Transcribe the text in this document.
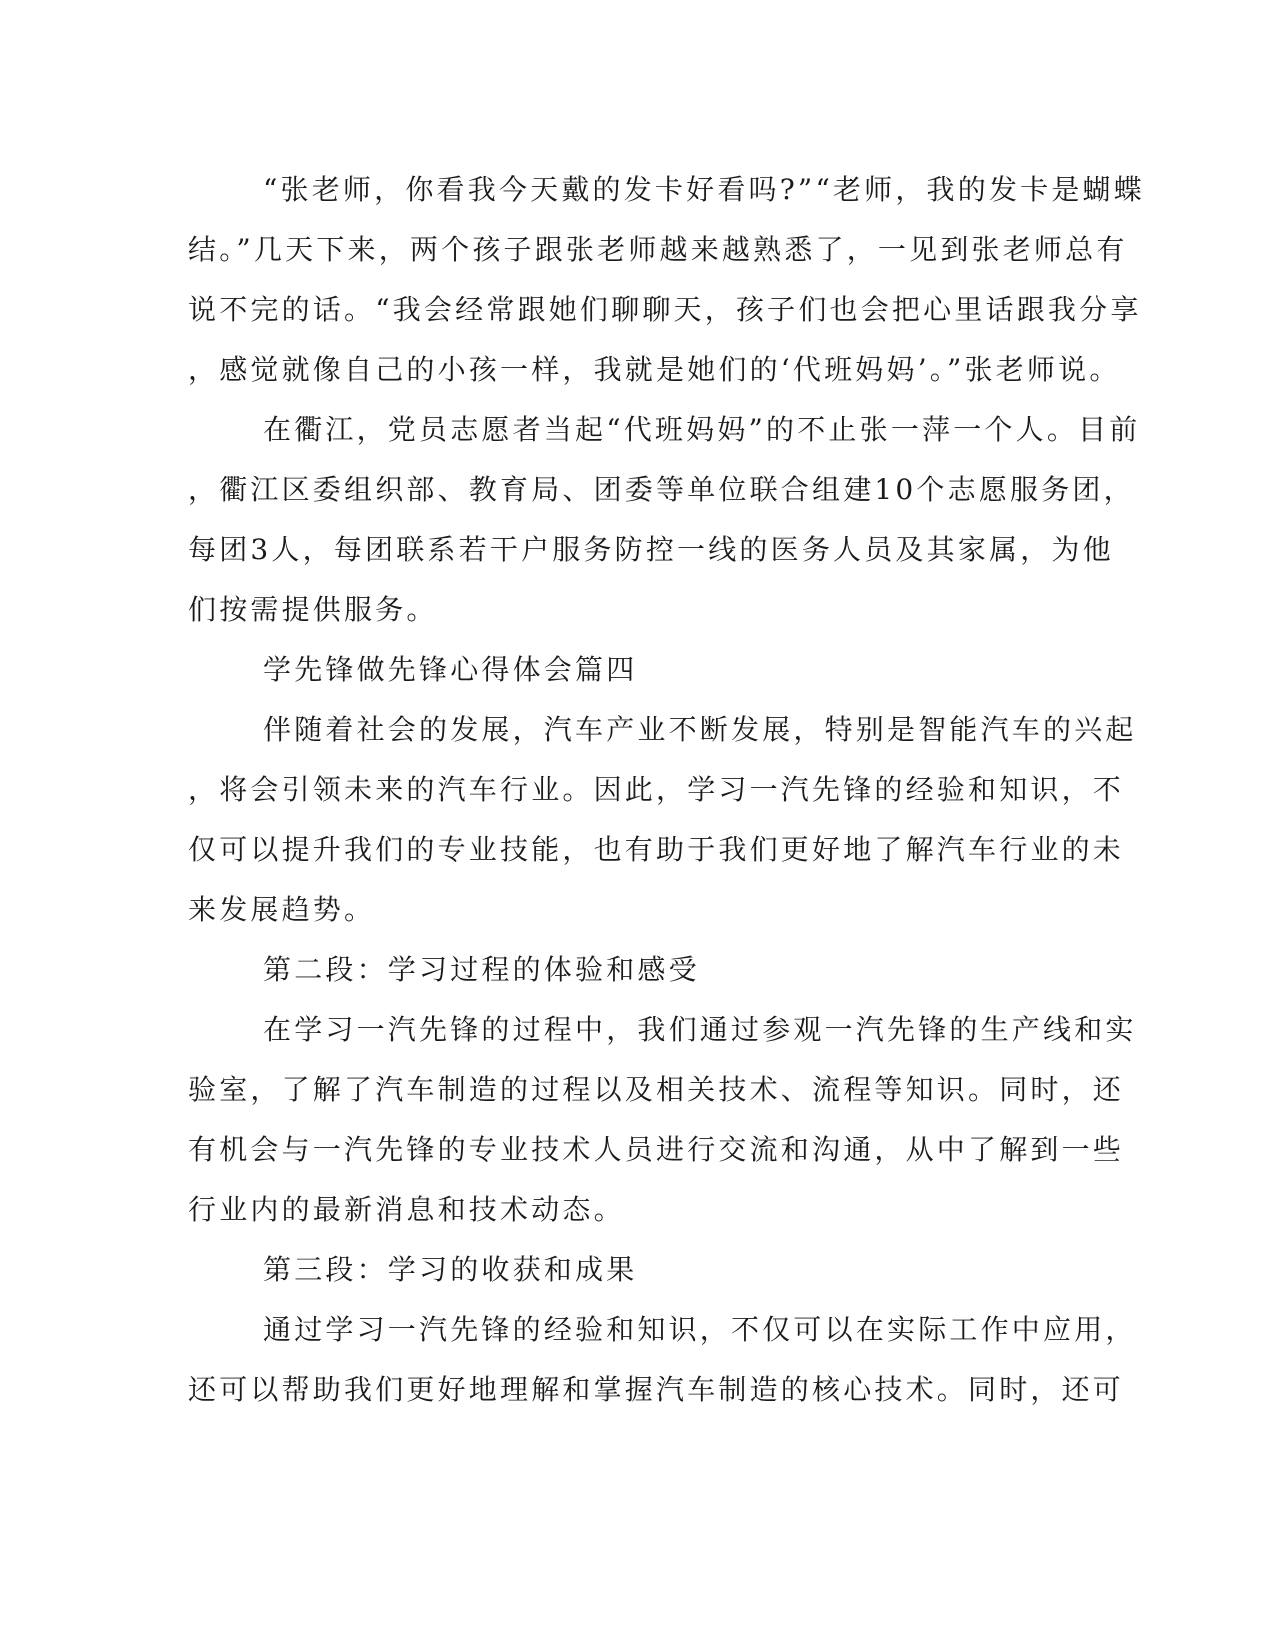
“张老师，你看我今天戴的发卡好看吗?”“老师，我的发卡是蝴蝶
结。”几天下来，两个孩子跟张老师越来越熟悉了，一见到张老师总有
说不完的话。“我会经常跟她们聊聊天，孩子们也会把心里话跟我分享
，感觉就像自己的小孩一样，我就是她们的‘代班妈妈’。”张老师说。
在衢江，党员志愿者当起“代班妈妈”的不止张一萍一个人。目前
，衢江区委组织部、教育局、团委等单位联合组建10个志愿服务团，
每团3人，每团联系若干户服务防控一线的医务人员及其家属，为他
们按需提供服务。
学先锋做先锋心得体会篇四
伴随着社会的发展，汽车产业不断发展，特别是智能汽车的兴起
，将会引领未来的汽车行业。因此，学习一汽先锋的经验和知识，不
仅可以提升我们的专业技能，也有助于我们更好地了解汽车行业的未
来发展趋势。
第二段：学习过程的体验和感受
在学习一汽先锋的过程中，我们通过参观一汽先锋的生产线和实
验室，了解了汽车制造的过程以及相关技术、流程等知识。同时，还
有机会与一汽先锋的专业技术人员进行交流和沟通，从中了解到一些
行业内的最新消息和技术动态。
第三段：学习的收获和成果
通过学习一汽先锋的经验和知识，不仅可以在实际工作中应用，
还可以帮助我们更好地理解和掌握汽车制造的核心技术。同时，还可
